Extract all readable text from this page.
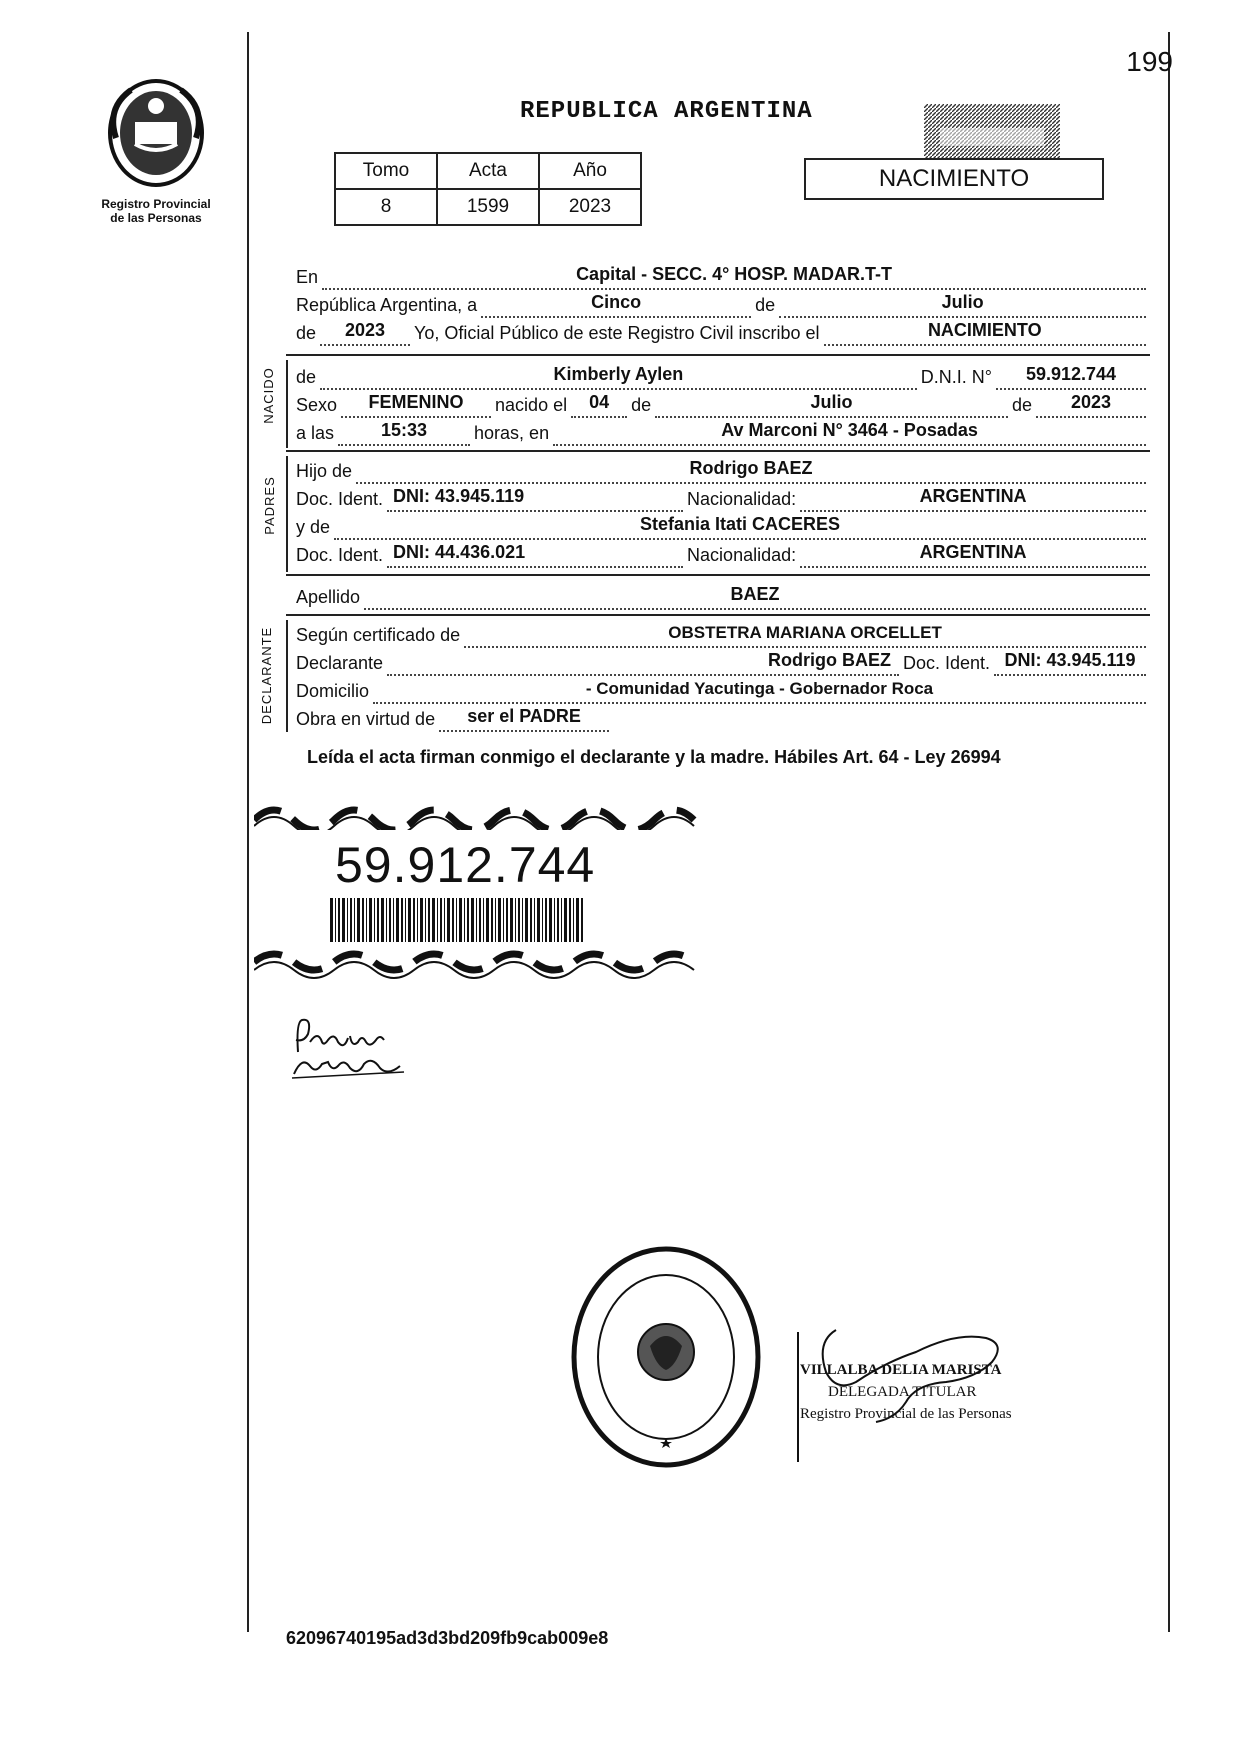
Registro Provincial
de las Personas
199
REPUBLICA ARGENTINA
Tomo	Acta	Año
8	1599	2023
NACIMIENTO
En	Capital - SECC. 4° HOSP. MADAR.T-T
República Argentina, a	Cinco	de	Julio
de	2023	Yo, Oficial Público de este Registro Civil inscribo el	NACIMIENTO
NACIDO de	Kimberly Aylen	D.N.I. N°	59.912.744
Sexo	FEMENINO	nacido el	04	de	Julio	de	2023
a las	15:33	horas, en	Av Marconi N° 3464 - Posadas
PADRES
Hijo de	Rodrigo BAEZ
Doc. Ident. DNI: 43.945.119	Nacionalidad:	ARGENTINA
y de	Stefania Itati CACERES
Doc. Ident. DNI: 44.436.021	Nacionalidad:	ARGENTINA
Apellido	BAEZ
DECLARANTE Según certificado de	OBSTETRA MARIANA ORCELLET
Declarante	Rodrigo BAEZ Doc. Ident. DNI: 43.945.119
Domicilio	- Comunidad Yacutinga - Gobernador Roca
Obra en virtud de	ser el PADRE
Leída el acta firman conmigo el declarante y la madre. Hábiles Art. 64 - Ley 26994
59.912.744
VILLALBA DELIA MARISTA
DELEGADA TITULAR
Registro Provincial de las Personas
62096740195ad3d3bd209fb9cab009e8
